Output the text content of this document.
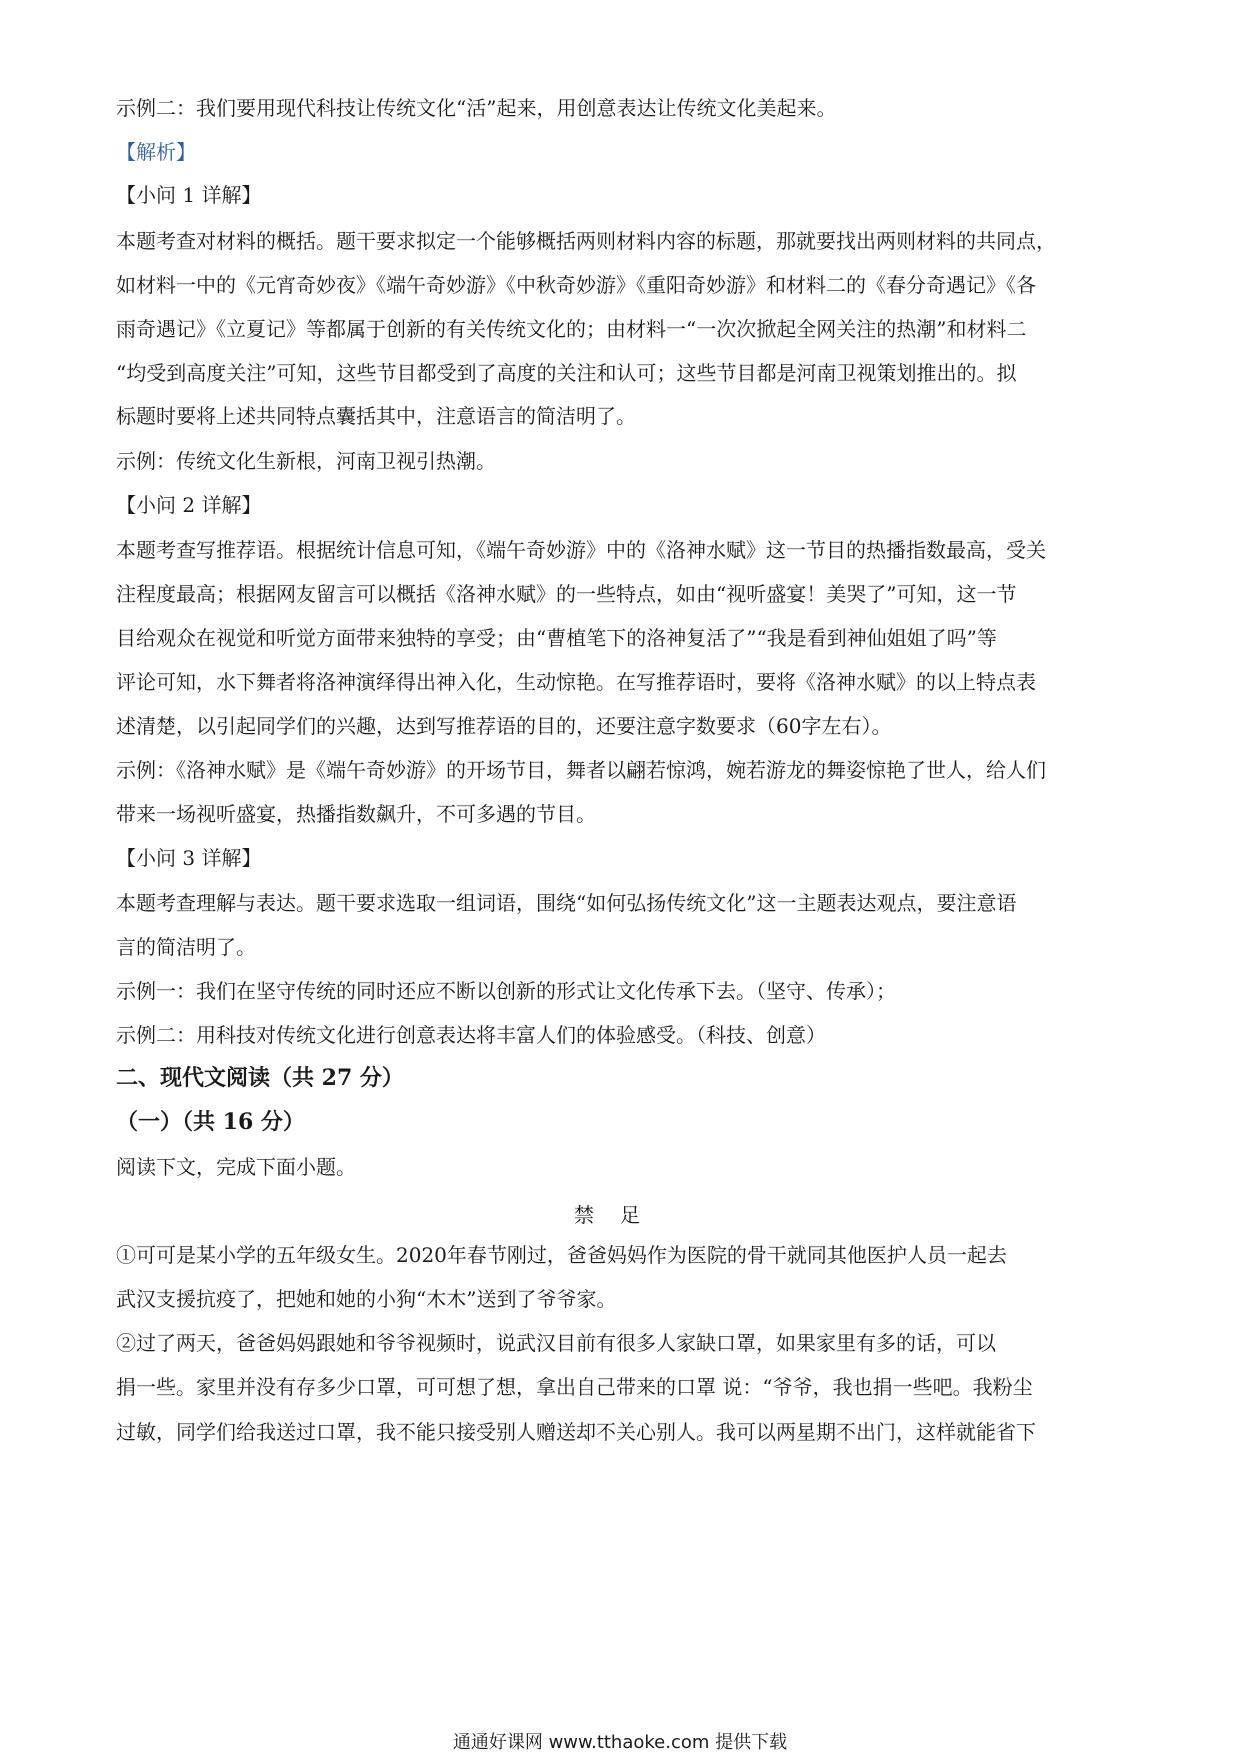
示例二：我们要用现代科技让传统文化“活”起来，用创意表达让传统文化美起来。
【解析】
【小问 1 详解】
本题考查对材料的概括。题干要求拟定一个能够概括两则材料内容的标题，那就要找出两则材料的共同点，
如材料一中的《元宵奇妙夜》《端午奇妙游》《中秋奇妙游》《重阳奇妙游》和材料二的《春分奇遇记》《各
雨奇遇记》《立夏记》等都属于创新的有关传统文化的；由材料一“一次次掀起全网关注的热潮”和材料二
“均受到高度关注”可知，这些节目都受到了高度的关注和认可；这些节目都是河南卫视策划推出的。拟
标题时要将上述共同特点囊括其中，注意语言的简洁明了。
示例：传统文化生新根，河南卫视引热潮。
【小问 2 详解】
本题考查写推荐语。根据统计信息可知，《端午奇妙游》中的《洛神水赋》这一节目的热播指数最高，受关
注程度最高；根据网友留言可以概括《洛神水赋》的一些特点，如由“视听盛宴！美哭了”可知，这一节
目给观众在视觉和听觉方面带来独特的享受；由“曹植笔下的洛神复活了”“我是看到神仙姐姐了吗”等
评论可知，水下舞者将洛神演绎得出神入化，生动惊艳。在写推荐语时，要将《洛神水赋》的以上特点表
述清楚，以引起同学们的兴趣，达到写推荐语的目的，还要注意字数要求（60字左右）。
示例：《洛神水赋》是《端午奇妙游》的开场节目，舞者以翩若惊鸿，婉若游龙的舞姿惊艳了世人，给人们
带来一场视听盛宴，热播指数飙升，不可多遇的节目。
【小问 3 详解】
本题考查理解与表达。题干要求选取一组词语，围绕“如何弘扬传统文化”这一主题表达观点，要注意语
言的简洁明了。
示例一：我们在坚守传统的同时还应不断以创新的形式让文化传承下去。（坚守、传承）；
示例二：用科技对传统文化进行创意表达将丰富人们的体验感受。（科技、创意）
二、现代文阅读（共 27 分）
（一）（共 16 分）
阅读下文，完成下面小题。
禁足
①可可是某小学的五年级女生。2020年春节刚过，爸爸妈妈作为医院的骨干就同其他医护人员一起去
武汉支援抗疫了，把她和她的小狗“木木”送到了爷爷家。
②过了两天，爸爸妈妈跟她和爷爷视频时，说武汉目前有很多人家缺口罩，如果家里有多的话，可以
捐一些。家里并没有存多少口罩，可可想了想，拿出自己带来的口罩 说：“爷爷，我也捐一些吧。我粉尘
过敏，同学们给我送过口罩，我不能只接受别人赠送却不关心别人。我可以两星期不出门，这样就能省下
通通好课网 www.tthaoke.com 提供下载
